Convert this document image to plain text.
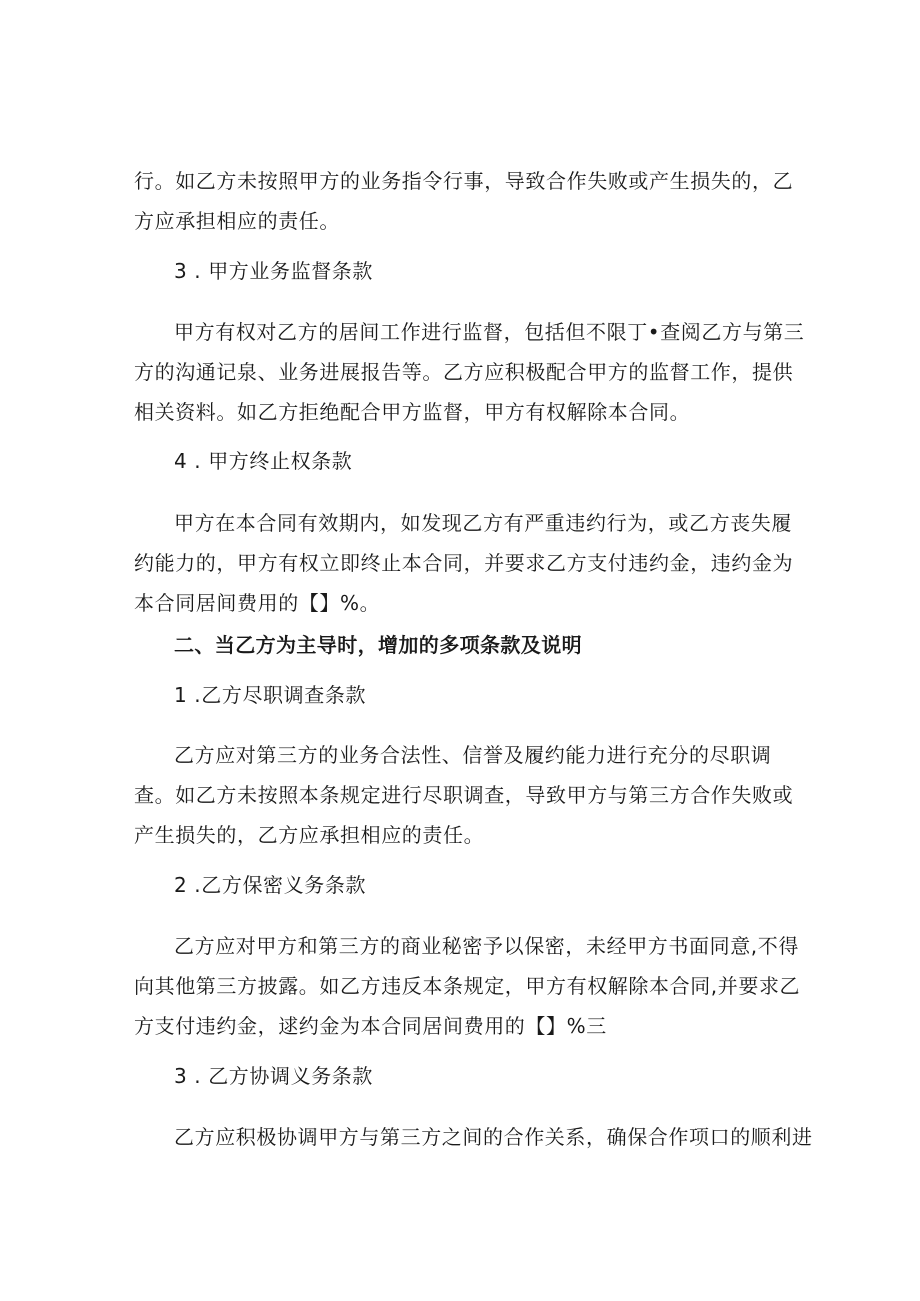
行。如乙方未按照甲方的业务指令行事，导致合作失败或产生损失的，乙
方应承担相应的责任。
3 . 甲方业务监督条款
甲方有权对乙方的居间工作进行监督，包括但不限丁•查阅乙方与第三
方的沟通记泉、业务进展报告等。乙方应积极配合甲方的监督工作，提供
相关资料。如乙方拒绝配合甲方监督，甲方有权解除本合同。
4 . 甲方终止权条款
甲方在本合同有效期内，如发现乙方有严重违约行为，或乙方丧失履
约能力的，甲方有权立即终止本合同，并要求乙方支付违约金，违约金为
本合同居间费用的【】%。
二、当乙方为主导时，增加的多项条款及说明
1 .乙方尽职调查条款
乙方应对第三方的业务合法性、信誉及履约能力进行充分的尽职调
查。如乙方未按照本条规定进行尽职调查，导致甲方与第三方合作失败或
产生损失的，乙方应承担相应的责任。
2 .乙方保密义务条款
乙方应对甲方和第三方的商业秘密予以保密，未经甲方书面同意,不得
向其他第三方披露。如乙方违反本条规定，甲方有权解除本合同,并要求乙
方支付违约金，逑约金为本合同居间费用的【】%三
3 . 乙方协调义务条款
乙方应积极协调甲方与第三方之间的合作关系，确保合作项口的顺利进
